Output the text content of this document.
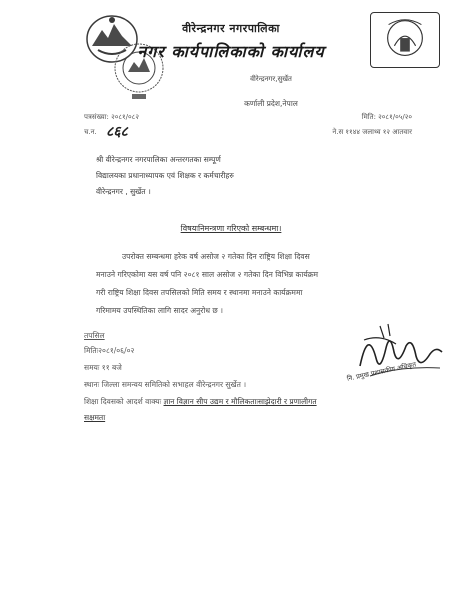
वीरेन्द्रनगर नगरपालिका
नगर कार्यपालिकाको कार्यालय
वीरेन्द्रनगर,सुर्खेत
कर्णाली प्रदेश,नेपाल
पत्रसंख्या: २०८१/०८२
च.न. ८६८
मिति: २०८१/०५/२०
ने.स ११४४ जलाथ्व १२ आतवार
श्री वीरेन्द्रनगर नगरपालिका अन्तरगतका सम्पूर्ण
विद्यालयका प्रधानाध्यापक एवं शिक्षक र कर्मचारीहरु
वीरेन्द्रनगर , सुर्खेत ।
विषयःनिमन्त्रणा गरिएको सम्बन्धमा।
उपरोक्त सम्बन्धमा हरेक वर्ष असोज २ गतेका दिन राष्ट्रिय शिक्षा दिवस
मनाउने गरिएकोमा यस वर्ष पनि २०८१ साल असोज २ गतेका दिन विभिन्न कार्यक्रम
गरी राष्ट्रिय शिक्षा दिवस तपसिलको मिति समय र स्थानमा मनाउने कार्यक्रममा
गरिमामय उपस्थितिका लागि सादर अनुरोध छ ।
तपसिल
मितिः२०८१/०६/०२
समयः ११ बजे
स्थानः जिल्ला समन्वय समितिको सभाहल वीरेन्द्रनगर सुर्खेत ।
शिक्षा दिवसको आदर्श वाक्यः ज्ञान विज्ञान सीप उद्यम र मौलिकताःसाझेदारी र प्रणालीगत
सक्षमता
नि. प्रमुख प्रशासकीय अधिकृत
